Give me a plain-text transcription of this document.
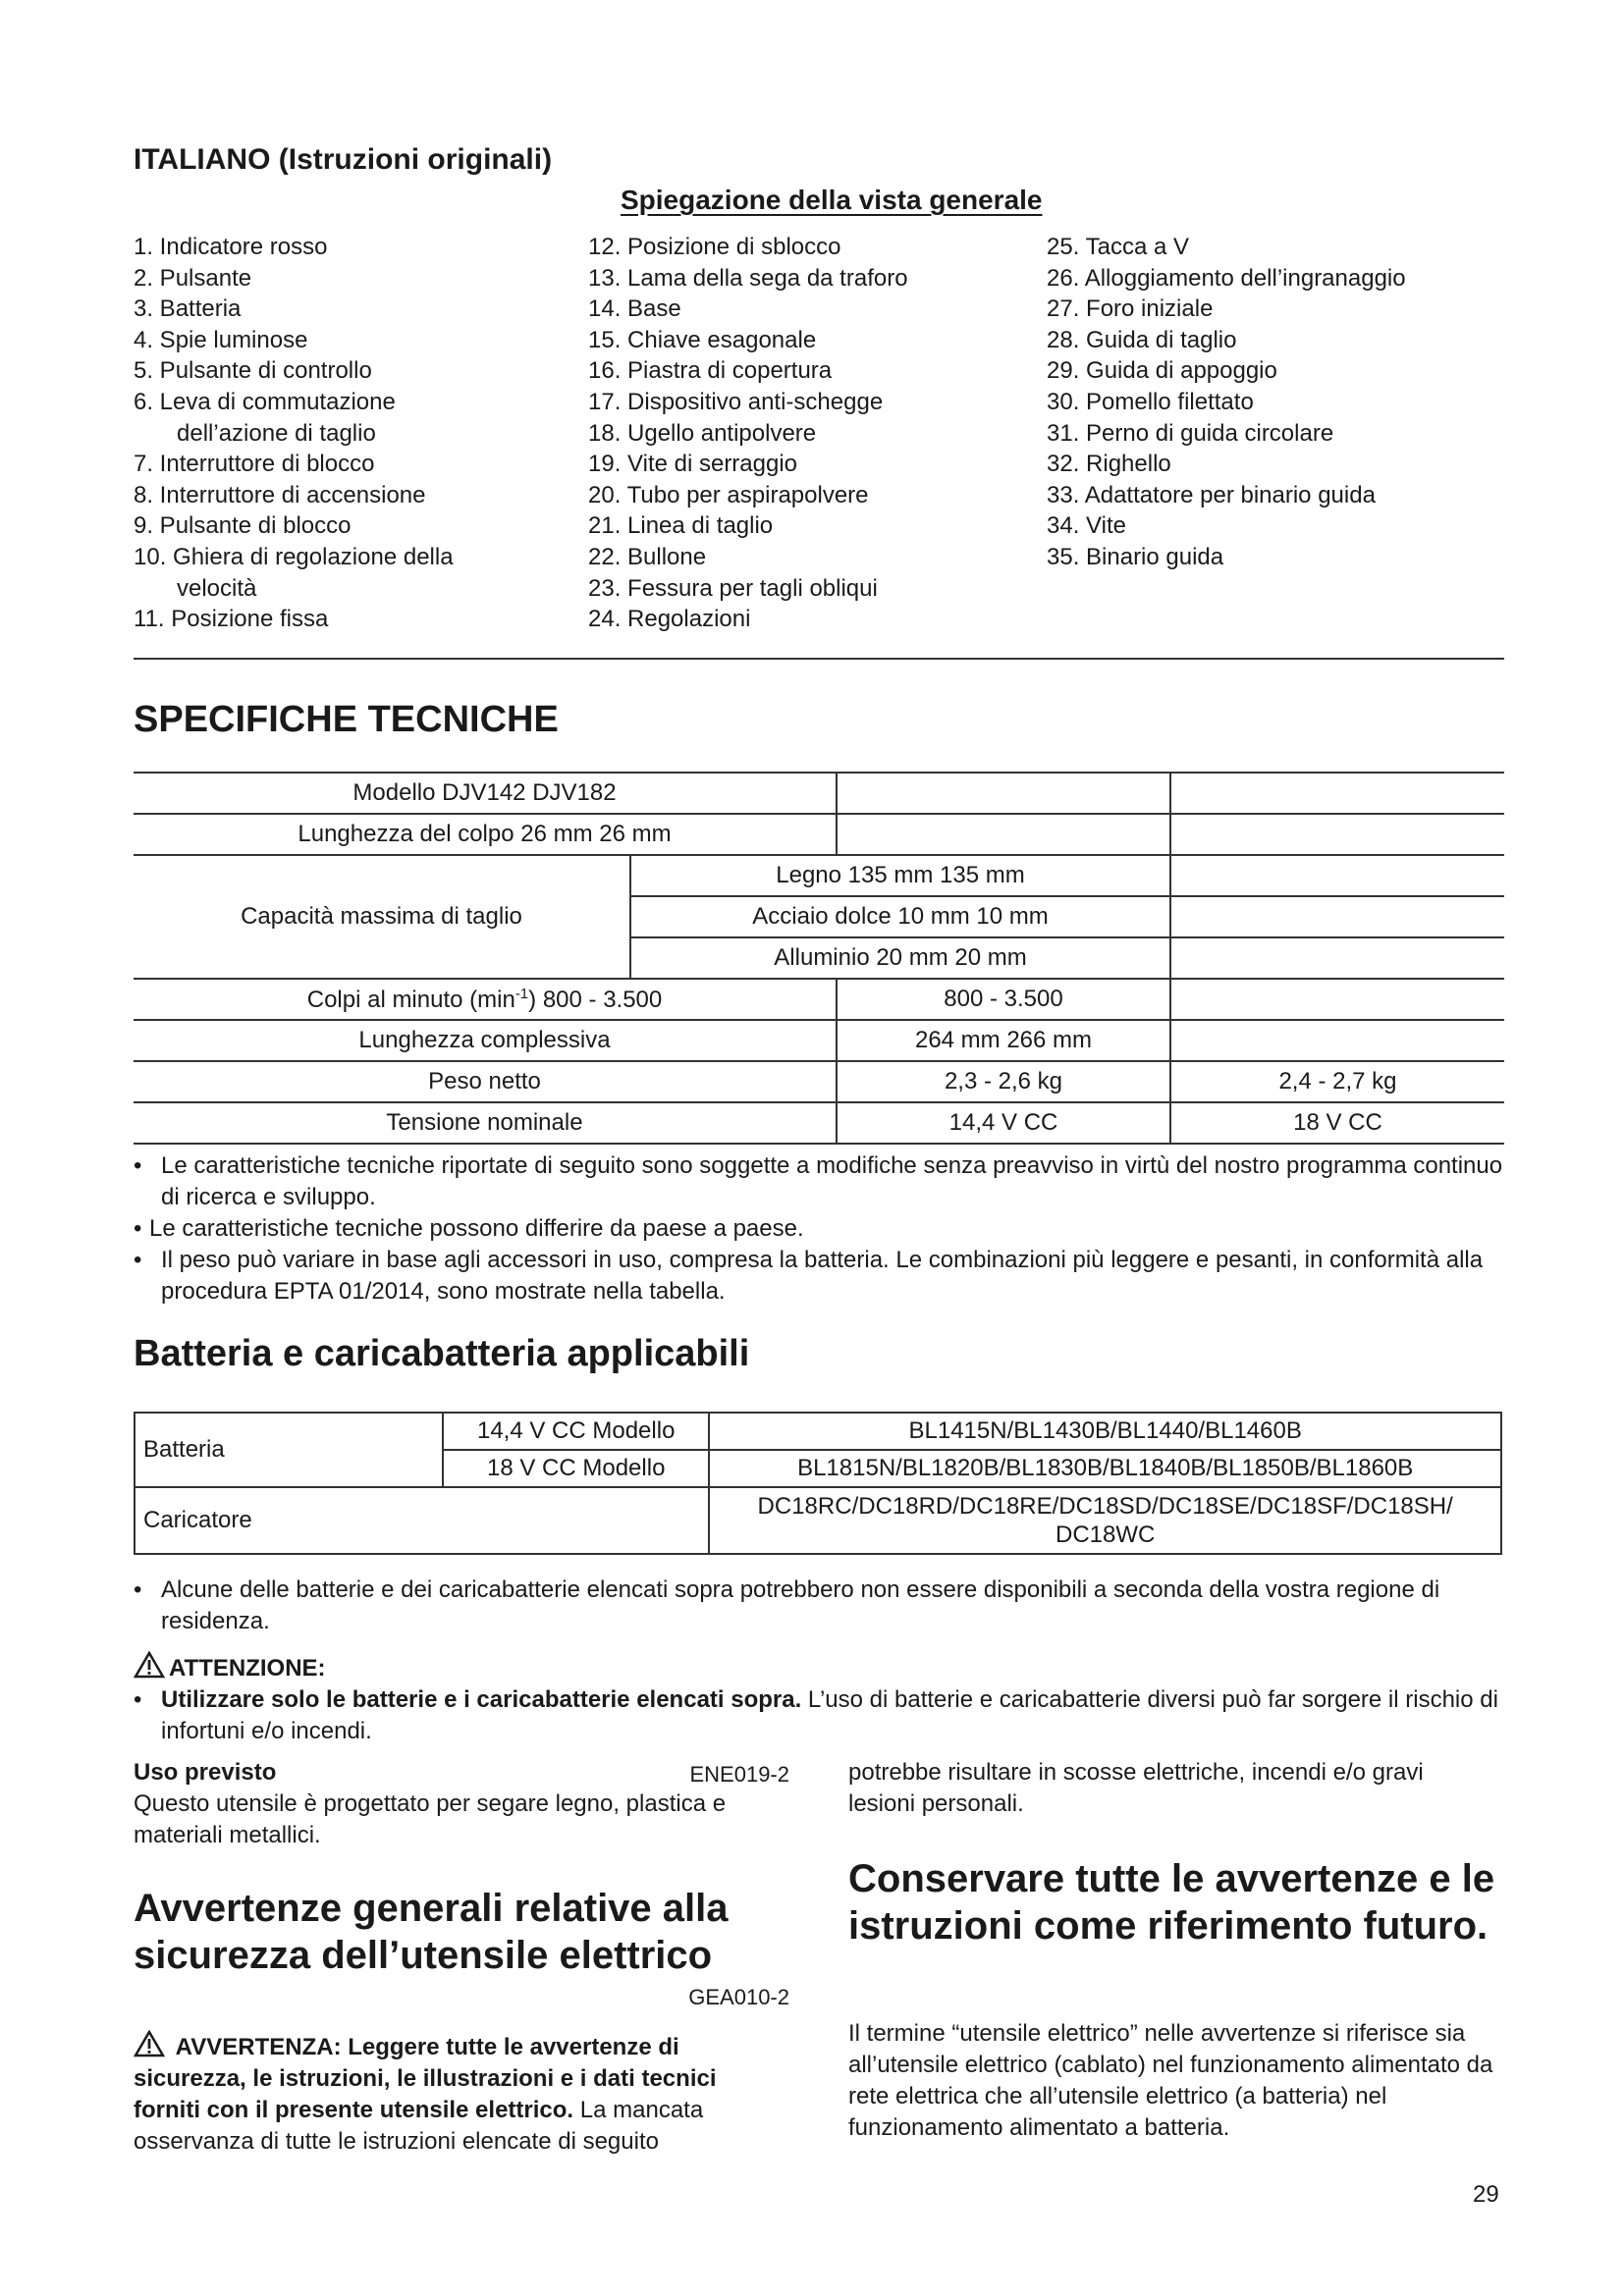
ITALIANO (Istruzioni originali)
Spiegazione della vista generale
1. Indicatore rosso
2. Pulsante
3. Batteria
4. Spie luminose
5. Pulsante di controllo
6. Leva di commutazione
dell’azione di taglio
7. Interruttore di blocco
8. Interruttore di accensione
9. Pulsante di blocco
10. Ghiera di regolazione della
velocità
11. Posizione fissa
12. Posizione di sblocco
13. Lama della sega da traforo
14. Base
15. Chiave esagonale
16. Piastra di copertura
17. Dispositivo anti-schegge
18. Ugello antipolvere
19. Vite di serraggio
20. Tubo per aspirapolvere
21. Linea di taglio
22. Bullone
23. Fessura per tagli obliqui
24. Regolazioni
25. Tacca a V
26. Alloggiamento dell’ingranaggio
27. Foro iniziale
28. Guida di taglio
29. Guida di appoggio
30. Pomello filettato
31. Perno di guida circolare
32. Righello
33. Adattatore per binario guida
34. Vite
35. Binario guida
SPECIFICHE TECNICHE
Modello DJV142 DJV182			
Lunghezza del colpo 26 mm 26 mm			
Capacità massima di taglio	Legno 135 mm 135 mm		
	Acciaio dolce 10 mm 10 mm		
	Alluminio 20 mm 20 mm		
Colpi al minuto $(\min^{-1})$ 800 - 3.500		800 - 3.500	
Lunghezza complessiva		264 mm 266 mm	
Peso netto		2,3 - 2,6 kg	2,4 - 2,7 kg
Tensione nominale		14,4 V CC	18 V CC
• Le caratteristiche tecniche riportate di seguito sono soggette a modifiche senza preavviso in virtù del nostro programma continuo di ricerca e sviluppo.
• Le caratteristiche tecniche possono differire da paese a paese.
• Il peso può variare in base agli accessori in uso, compresa la batteria. Le combinazioni più leggere e pesanti, in conformità alla procedura EPTA 01/2014, sono mostrate nella tabella.
Batteria e caricabatteria applicabili
Batteria	14,4 V CC Modello	BL1415N/BL1430B/BL1440/BL1460B
	18 V CC Modello	BL1815N/BL1820B/BL1830B/BL1840B/BL1850B/BL1860B
Caricatore		DC18RC/DC18RD/DC18RE/DC18SD/DC18SE/DC18SF/DC18SH/
DC18WC
• Alcune delle batterie e dei caricabatterie elencati sopra potrebbero non essere disponibili a seconda della vostra regione di residenza.
ATTENZIONE:
• Utilizzare solo le batterie e i caricabatterie elencati sopra. L’uso di batterie e caricabatterie diversi può far sorgere il rischio di infortuni e/o incendi.
Uso previsto	ENE019-2
Questo utensile è progettato per segare legno, plastica e materiali metallici.
Avvertenze generali relative alla sicurezza dell’utensile elettrico
GEA010-2
AVVERTENZA: Leggere tutte le avvertenze di sicurezza, le istruzioni, le illustrazioni e i dati tecnici forniti con il presente utensile elettrico. La mancata osservanza di tutte le istruzioni elencate di seguito
potrebbe risultare in scosse elettriche, incendi e/o gravi lesioni personali.
Conservare tutte le avvertenze e le istruzioni come riferimento futuro.
Il termine “utensile elettrico” nelle avvertenze si riferisce sia all’utensile elettrico (cablato) nel funzionamento alimentato da rete elettrica che all’utensile elettrico (a batteria) nel funzionamento alimentato a batteria.
29
